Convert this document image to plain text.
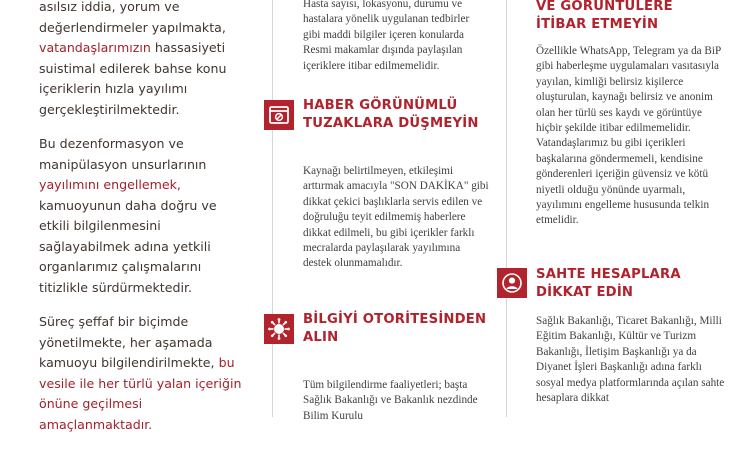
asılsız iddia, yorum ve değerlendirmeler yapılmakta, vatandaşlarımızın hassasiyeti suistimal edilerek bahse konu içeriklerin hızla yayılımı gerçekleştirilmektedir.

Bu dezenformasyon ve manipülasyon unsurlarının yayılımını engellemek, kamuoyunun daha doğru ve etkili bilgilenmesini sağlayabilmek adına yetkili organlarımız çalışmalarını titizlikle sürdürmektedir.

Süreç şeffaf bir biçimde yönetilmekte, her aşamada kamuoyu bilgilendirilmekte, bu vesile ile her türlü yalan içeriğin önüne geçilmesi amaçlanmaktadır.

Hasta sayısı, lokasyonu, durumu ve hastalara yönelik uygulanan tedbirler gibi maddi bilgiler içeren konularda Resmi makamlar dışında paylaşılan içeriklere itibar edilmemelidir.

HABER GÖRÜNÜMLÜ TUZAKLARA DÜŞMEYİN

Kaynağı belirtilmeyen, etkileşimi arttırmak amacıyla "SON DAKİKA" gibi dikkat çekici başlıklarla servis edilen ve doğruluğu teyit edilmemiş haberlere dikkat edilmeli, bu gibi içerikler farklı mecralarda paylaşılarak yayılımına destek olunmamalıdır.

BİLGİYİ OTORİTESİNDEN ALIN

Tüm bilgilendirme faaliyetleri; başta Sağlık Bakanlığı ve Bakanlık nezdinde Bilim Kurulu

VE GÖRÜNTÜLERE İTİBAR ETMEYİN

Özellikle WhatsApp, Telegram ya da BiP gibi haberleşme uygulamaları vasıtasıyla yayılan, kimliği belirsiz kişilerce oluşturulan, kaynağı belirsiz ve anonim olan her türlü ses kaydı ve görüntüye hiçbir şekilde itibar edilmemelidir. Vatandaşlarımız bu gibi içerikleri başkalarına göndermemeli, kendisine gönderenleri içeriğin güvensiz ve kötü niyetli olduğu yönünde uyarmalı, yayılımını engelleme hususunda telkin etmelidir.

SAHTE HESAPLARA DİKKAT EDİN

Sağlık Bakanlığı, Ticaret Bakanlığı, Milli Eğitim Bakanlığı, Kültür ve Turizm Bakanlığı, İletişim Başkanlığı ya da Diyanet İşleri Başkanlığı adına farklı sosyal medya platformlarında açılan sahte hesaplara dikkat
